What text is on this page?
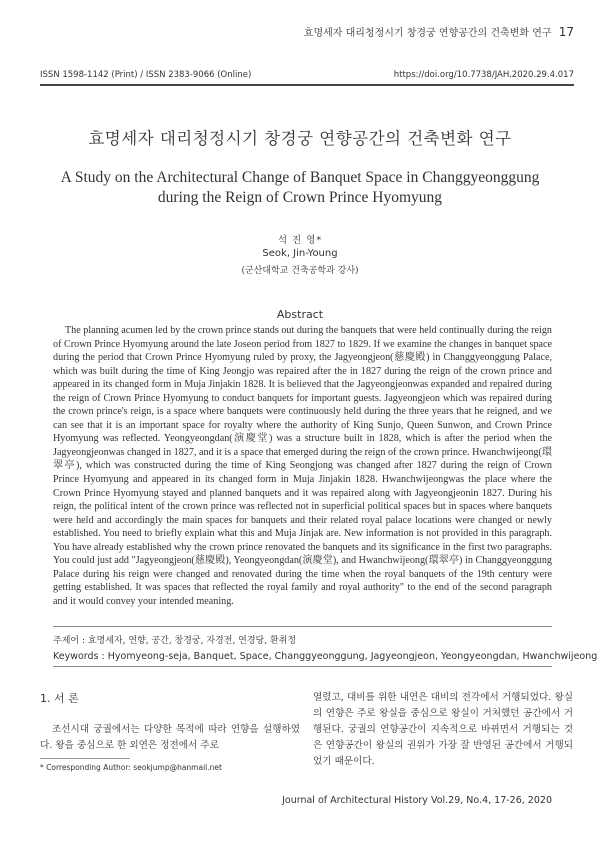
효명세자 대리청정시기 창경궁 연향공간의 건축변화 연구 17
ISSN 1598-1142 (Print) / ISSN 2383-9066 (Online)	https://doi.org/10.7738/JAH.2020.29.4.017
효명세자 대리청정시기 창경궁 연향공간의 건축변화 연구
A Study on the Architectural Change of Banquet Space in Changgyeonggung
during the Reign of Crown Prince Hyomyung
석 진 영*
Seok, Jin-Young
(군산대학교 건축공학과 강사)
Abstract
The planning acumen led by the crown prince stands out during the banquets that were held continually during the reign of Crown Prince Hyomyung around the late Joseon period from 1827 to 1829. If we examine the changes in banquet space during the period that Crown Prince Hyomyung ruled by proxy, the Jagyeongjeon(慈慶殿) in Changgyeonggung Palace, which was built during the time of King Jeongjo was repaired after the in 1827 during the reign of the crown prince and appeared in its changed form in Muja Jinjakin 1828. It is believed that the Jagyeongjeonwas expanded and repaired during the reign of Crown Prince Hyomyung to conduct banquets for important guests. Jagyeongjeon which was repaired during the crown prince's reign, is a space where banquets were continuously held during the three years that he reigned, and we can see that it is an important space for royalty where the authority of King Sunjo, Queen Sunwon, and Crown Prince Hyomyung was reflected. Yeongyeongdan(演慶堂) was a structure built in 1828, which is after the period when the Jagyeongjeonwas changed in 1827, and it is a space that emerged during the reign of the crown prince. Hwanchwijeong(環翠亭), which was constructed during the time of King Seongjong was changed after 1827 during the reign of Crown Prince Hyomyung and appeared in its changed form in Muja Jinjakin 1828. Hwanchwijeongwas the place where the Crown Prince Hyomyung stayed and planned banquets and it was repaired along with Jagyeongjeonin 1827. During his reign, the political intent of the crown prince was reflected not in superficial political spaces but in spaces where banquets were held and accordingly the main spaces for banquets and their related royal palace locations were changed or newly established. You need to briefly explain what this and Muja Jinjak are. New information is not provided in this paragraph. You have already established why the crown prince renovated the banquets and its significance in the first two paragraphs. You could just add "Jagyeongjeon(慈慶殿), Yeongyeongdan(演慶堂), and Hwanchwijeong(環翠亭) in Changgyeonggung Palace during his reign were changed and renovated during the time when the royal banquets of the 19th century were getting established. It was spaces that reflected the royal family and royal authority" to the end of the second paragraph and it would convey your intended meaning.
주제어 : 효명세자, 연향, 공간, 창경궁, 자경전, 연경당, 환취정
Keywords : Hyomyeong-seja, Banquet, Space, Changgyeonggung, Jagyeongjeon, Yeongyeongdan, Hwanchwijeong
1. 서 론

조선시대 궁궐에서는 다양한 목적에 따라 연향을 설행하였다. 왕을 중심으로 한 외연은 정전에서 주로

열렸고, 대비를 위한 내연은 대비의 전각에서 거행되었다. 왕실의 연향은 주로 왕실을 중심으로 왕실이 거처했던 공간에서 거행된다. 궁궐의 연향공간이 지속적으로 바뀌면서 거행되는 것은 연향공간이 왕실의 권위가 가장 잘 반영된 공간에서 거행되었기 때문이다.

* Corresponding Author: seokjump@hanmail.net
Journal of Architectural History Vol.29, No.4, 17-26, 2020
